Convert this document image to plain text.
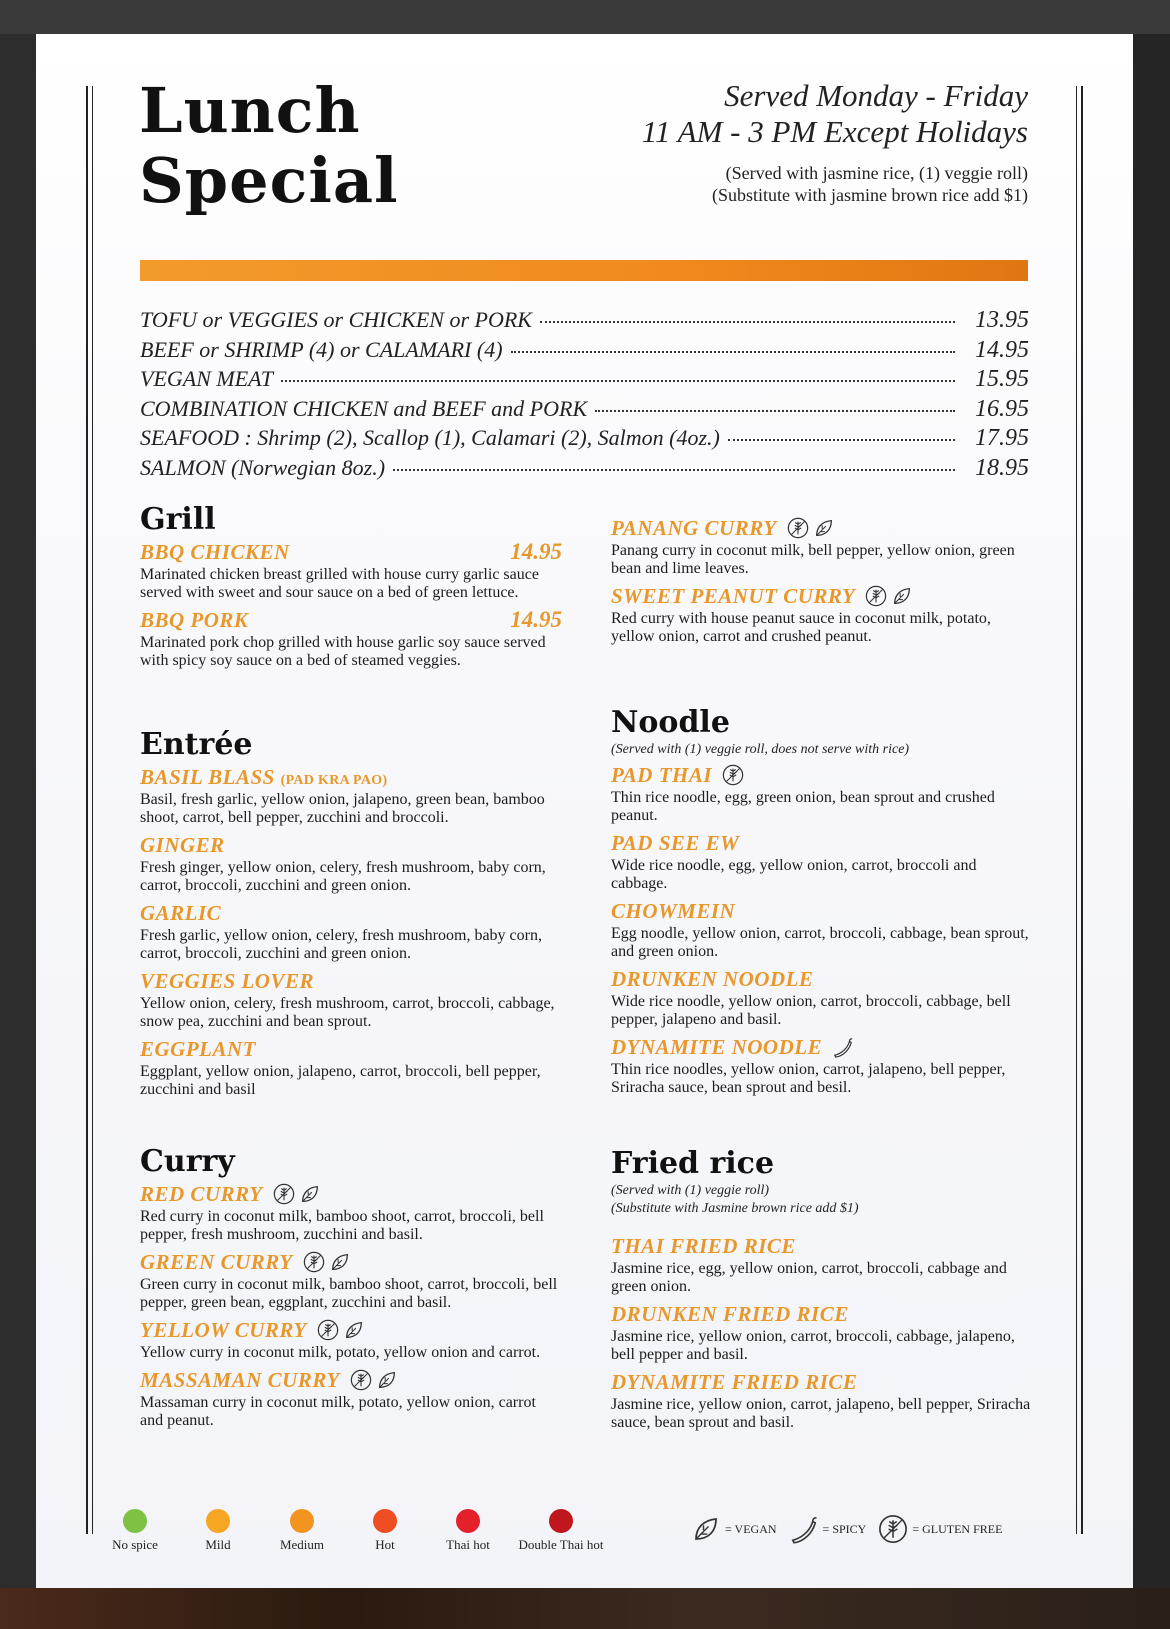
Lunch
Special
Served Monday - Friday
11 AM - 3 PM Except Holidays
(Served with jasmine rice, (1) veggie roll)
(Substitute with jasmine brown rice add $1)
TOFU or VEGGIES or CHICKEN or PORK	13.95
BEEF or SHRIMP (4) or CALAMARI (4)	14.95
VEGAN MEAT	15.95
COMBINATION CHICKEN and BEEF and PORK	16.95
SEAFOOD : Shrimp (2), Scallop (1), Calamari (2), Salmon (4oz.)	17.95
SALMON (Norwegian 8oz.)	18.95
Grill
BBQ CHICKEN	14.95

Marinated chicken breast grilled with house curry garlic sauce served with sweet and sour sauce on a bed of green lettuce.

BBQ PORK	14.95

Marinated pork chop grilled with house garlic soy sauce served with spicy soy sauce on a bed of steamed veggies.

Entrée
BASIL BLASS (PAD KRA PAO)

Basil, fresh garlic, yellow onion, jalapeno, green bean, bamboo shoot, carrot, bell pepper, zucchini and broccoli.

GINGER

Fresh ginger, yellow onion, celery, fresh mushroom, baby corn, carrot, broccoli, zucchini and green onion.

GARLIC

Fresh garlic, yellow onion, celery, fresh mushroom, baby corn, carrot, broccoli, zucchini and green onion.

VEGGIES LOVER

Yellow onion, celery, fresh mushroom, carrot, broccoli, cabbage, snow pea, zucchini and bean sprout.

EGGPLANT

Eggplant, yellow onion, jalapeno, carrot, broccoli, bell pepper, zucchini and basil

Curry
RED CURRY

Red curry in coconut milk, bamboo shoot, carrot, broccoli, bell pepper, fresh mushroom, zucchini and basil.

GREEN CURRY

Green curry in coconut milk, bamboo shoot, carrot, broccoli, bell pepper, green bean, eggplant, zucchini and basil.

YELLOW CURRY

Yellow curry in coconut milk, potato, yellow onion and carrot.

MASSAMAN CURRY

Massaman curry in coconut milk, potato, yellow onion, carrot and peanut.

PANANG CURRY

Panang curry in coconut milk, bell pepper, yellow onion, green bean and lime leaves.

SWEET PEANUT CURRY

Red curry with house peanut sauce in coconut milk, potato, yellow onion, carrot and crushed peanut.

Noodle
(Served with (1) veggie roll, does not serve with rice)
PAD THAI

Thin rice noodle, egg, green onion, bean sprout and crushed peanut.

PAD SEE EW

Wide rice noodle, egg, yellow onion, carrot, broccoli and cabbage.

CHOWMEIN

Egg noodle, yellow onion, carrot, broccoli, cabbage, bean sprout, and green onion.

DRUNKEN NOODLE

Wide rice noodle, yellow onion, carrot, broccoli, cabbage, bell pepper, jalapeno and basil.

DYNAMITE NOODLE

Thin rice noodles, yellow onion, carrot, jalapeno, bell pepper, Sriracha sauce, bean sprout and besil.

Fried rice
(Served with (1) veggie roll)
(Substitute with Jasmine brown rice add $1)
THAI FRIED RICE

Jasmine rice, egg, yellow onion, carrot, broccoli, cabbage and green onion.

DRUNKEN FRIED RICE

Jasmine rice, yellow onion, carrot, broccoli, cabbage, jalapeno, bell pepper and basil.

DYNAMITE FRIED RICE

Jasmine rice, yellow onion, carrot, jalapeno, bell pepper, Sriracha sauce, bean sprout and basil.

No spice	Mild	Medium	Hot	Thai hot	Double Thai hot
= VEGAN	= SPICY	= GLUTEN FREE
